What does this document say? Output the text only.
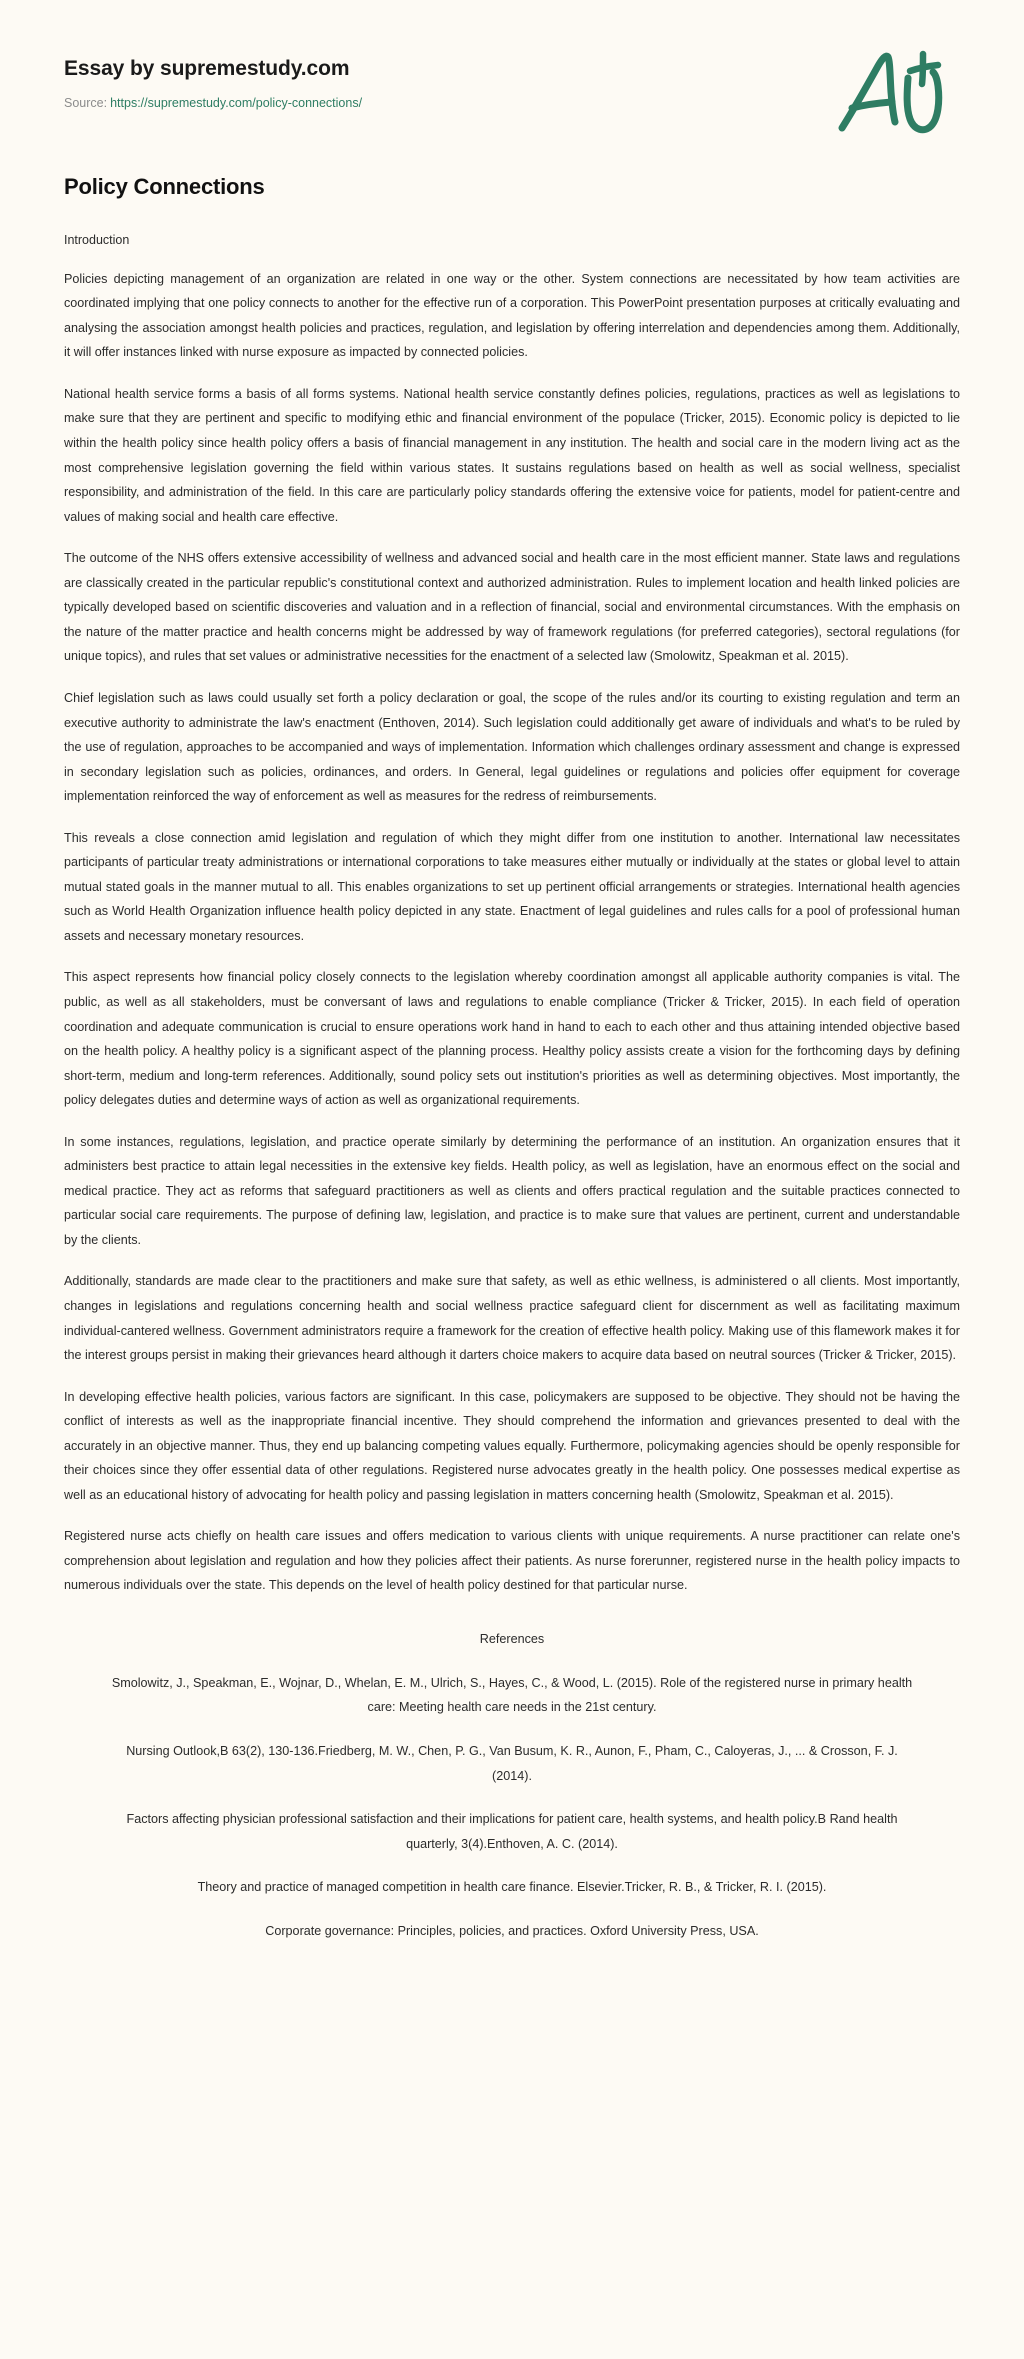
Essay by supremestudy.com
Source: https://supremestudy.com/policy-connections/
Policy Connections

Introduction

Policies depicting management of an organization are related in one way or the other. System connections are necessitated by how team activities are coordinated implying that one policy connects to another for the effective run of a corporation. This PowerPoint presentation purposes at critically evaluating and analysing the association amongst health policies and practices, regulation, and legislation by offering interrelation and dependencies among them. Additionally, it will offer instances linked with nurse exposure as impacted by connected policies.

National health service forms a basis of all forms systems. National health service constantly defines policies, regulations, practices as well as legislations to make sure that they are pertinent and specific to modifying ethic and financial environment of the populace (Tricker, 2015). Economic policy is depicted to lie within the health policy since health policy offers a basis of financial management in any institution. The health and social care in the modern living act as the most comprehensive legislation governing the field within various states. It sustains regulations based on health as well as social wellness, specialist responsibility, and administration of the field. In this care are particularly policy standards offering the extensive voice for patients, model for patient-centre and values of making social and health care effective.

The outcome of the NHS offers extensive accessibility of wellness and advanced social and health care in the most efficient manner. State laws and regulations are classically created in the particular republic's constitutional context and authorized administration. Rules to implement location and health linked policies are typically developed based on scientific discoveries and valuation and in a reflection of financial, social and environmental circumstances. With the emphasis on the nature of the matter practice and health concerns might be addressed by way of framework regulations (for preferred categories), sectoral regulations (for unique topics), and rules that set values or administrative necessities for the enactment of a selected law (Smolowitz, Speakman et al. 2015).

Chief legislation such as laws could usually set forth a policy declaration or goal, the scope of the rules and/or its courting to existing regulation and term an executive authority to administrate the law's enactment (Enthoven, 2014). Such legislation could additionally get aware of individuals and what's to be ruled by the use of regulation, approaches to be accompanied and ways of implementation. Information which challenges ordinary assessment and change is expressed in secondary legislation such as policies, ordinances, and orders. In General, legal guidelines or regulations and policies offer equipment for coverage implementation reinforced the way of enforcement as well as measures for the redress of reimbursements.

This reveals a close connection amid legislation and regulation of which they might differ from one institution to another. International law necessitates participants of particular treaty administrations or international corporations to take measures either mutually or individually at the states or global level to attain mutual stated goals in the manner mutual to all. This enables organizations to set up pertinent official arrangements or strategies. International health agencies such as World Health Organization influence health policy depicted in any state. Enactment of legal guidelines and rules calls for a pool of professional human assets and necessary monetary resources.

This aspect represents how financial policy closely connects to the legislation whereby coordination amongst all applicable authority companies is vital. The public, as well as all stakeholders, must be conversant of laws and regulations to enable compliance (Tricker & Tricker, 2015). In each field of operation coordination and adequate communication is crucial to ensure operations work hand in hand to each to each other and thus attaining intended objective based on the health policy. A healthy policy is a significant aspect of the planning process. Healthy policy assists create a vision for the forthcoming days by defining short-term, medium and long-term references. Additionally, sound policy sets out institution's priorities as well as determining objectives. Most importantly, the policy delegates duties and determine ways of action as well as organizational requirements.

In some instances, regulations, legislation, and practice operate similarly by determining the performance of an institution. An organization ensures that it administers best practice to attain legal necessities in the extensive key fields. Health policy, as well as legislation, have an enormous effect on the social and medical practice. They act as reforms that safeguard practitioners as well as clients and offers practical regulation and the suitable practices connected to particular social care requirements. The purpose of defining law, legislation, and practice is to make sure that values are pertinent, current and understandable by the clients.

Additionally, standards are made clear to the practitioners and make sure that safety, as well as ethic wellness, is administered o all clients. Most importantly, changes in legislations and regulations concerning health and social wellness practice safeguard client for discernment as well as facilitating maximum individual-cantered wellness. Government administrators require a framework for the creation of effective health policy. Making use of this flamework makes it for the interest groups persist in making their grievances heard although it darters choice makers to acquire data based on neutral sources (Tricker & Tricker, 2015).

In developing effective health policies, various factors are significant. In this case, policymakers are supposed to be objective. They should not be having the conflict of interests as well as the inappropriate financial incentive. They should comprehend the information and grievances presented to deal with the accurately in an objective manner. Thus, they end up balancing competing values equally. Furthermore, policymaking agencies should be openly responsible for their choices since they offer essential data of other regulations. Registered nurse advocates greatly in the health policy. One possesses medical expertise as well as an educational history of advocating for health policy and passing legislation in matters concerning health (Smolowitz, Speakman et al. 2015).

Registered nurse acts chiefly on health care issues and offers medication to various clients with unique requirements. A nurse practitioner can relate one's comprehension about legislation and regulation and how they policies affect their patients. As nurse forerunner, registered nurse in the health policy impacts to numerous individuals over the state. This depends on the level of health policy destined for that particular nurse.

References

Smolowitz, J., Speakman, E., Wojnar, D., Whelan, E. M., Ulrich, S., Hayes, C., & Wood, L. (2015). Role of the registered nurse in primary health care: Meeting health care needs in the 21st century.

Nursing Outlook,B 63(2), 130-136.Friedberg, M. W., Chen, P. G., Van Busum, K. R., Aunon, F., Pham, C., Caloyeras, J., ... & Crosson, F. J. (2014).

Factors affecting physician professional satisfaction and their implications for patient care, health systems, and health policy.B Rand health quarterly, 3(4).Enthoven, A. C. (2014).

Theory and practice of managed competition in health care finance. Elsevier.Tricker, R. B., & Tricker, R. I. (2015).

Corporate governance: Principles, policies, and practices. Oxford University Press, USA.
